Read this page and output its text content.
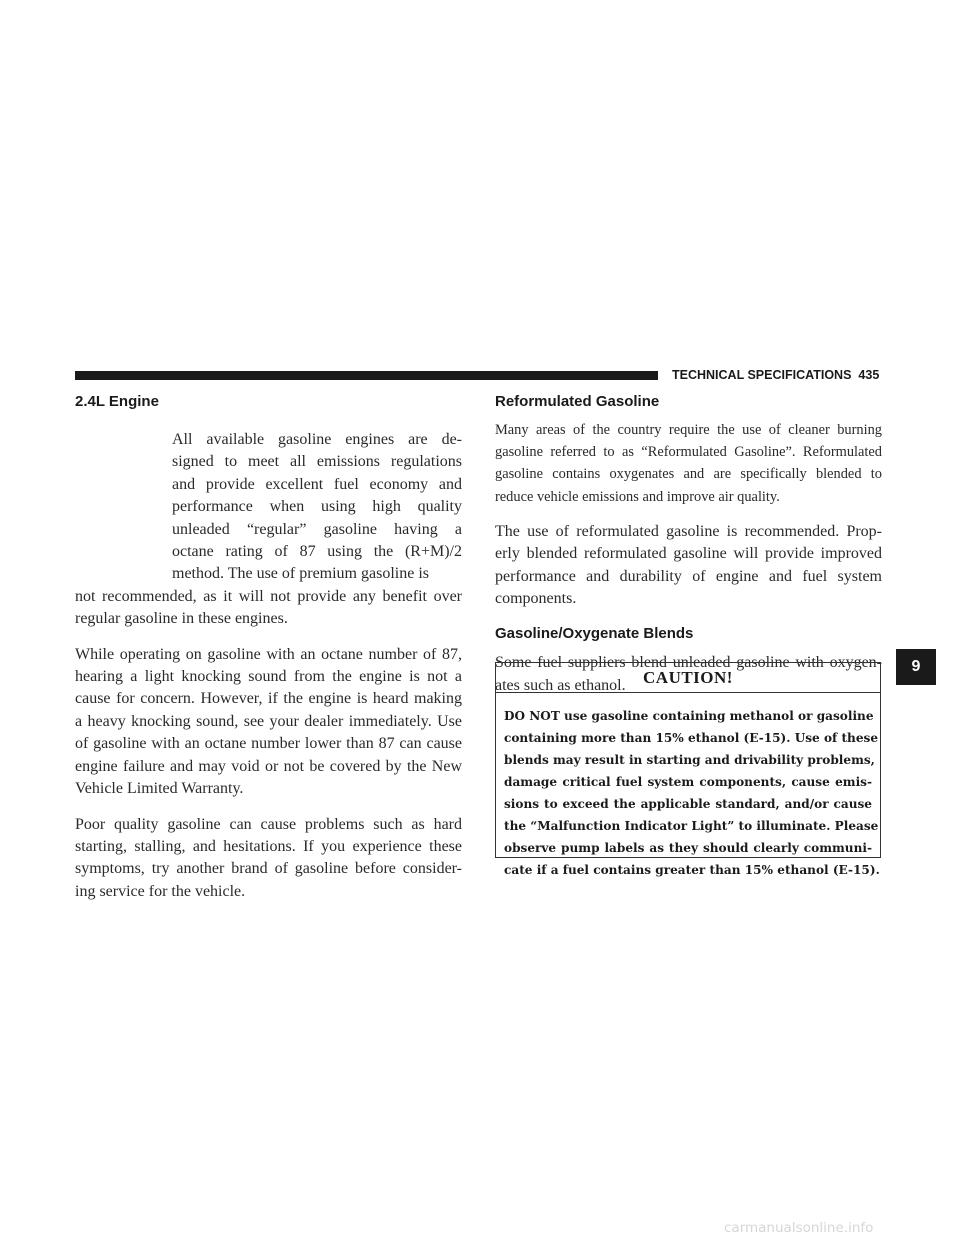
TECHNICAL SPECIFICATIONS 435
2.4L Engine

All available gasoline engines are de-

signed to meet all emissions regulations

and provide excellent fuel economy and

performance when using high quality

unleaded “regular” gasoline having a

octane rating of 87 using the (R+M)/2

method. The use of premium gasoline is

not recommended, as it will not provide any benefit over

regular gasoline in these engines.

While operating on gasoline with an octane number of 87,

hearing a light knocking sound from the engine is not a

cause for concern. However, if the engine is heard making

a heavy knocking sound, see your dealer immediately. Use

of gasoline with an octane number lower than 87 can cause

engine failure and may void or not be covered by the New

Vehicle Limited Warranty.

Poor quality gasoline can cause problems such as hard

starting, stalling, and hesitations. If you experience these

symptoms, try another brand of gasoline before consider-

ing service for the vehicle.

Reformulated Gasoline

Many areas of the country require the use of cleaner burning

gasoline referred to as “Reformulated Gasoline”. Reformulated

gasoline contains oxygenates and are specifically blended to

reduce vehicle emissions and improve air quality.

The use of reformulated gasoline is recommended. Prop-

erly blended reformulated gasoline will provide improved

performance and durability of engine and fuel system

components.

Gasoline/Oxygenate Blends

Some fuel suppliers blend unleaded gasoline with oxygen-

ates such as ethanol.	CAUTION!
DO NOT use gasoline containing methanol or gasoline
containing more than 15% ethanol (E-15). Use of these
blends may result in starting and drivability problems,
damage critical fuel system components, cause emis-
sions to exceed the applicable standard, and/or cause
the “Malfunction Indicator Light” to illuminate. Please
observe pump labels as they should clearly communi-
cate if a fuel contains greater than 15% ethanol (E-15).
9
carmanualsonline.info
